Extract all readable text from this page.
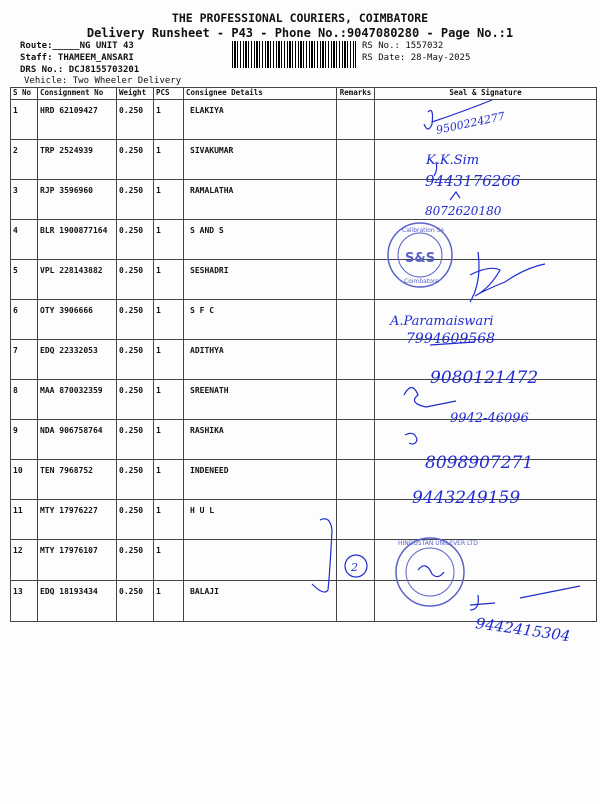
THE PROFESSIONAL COURIERS, COIMBATORE
Delivery Runsheet - P43 - Phone No.:9047080280 - Page No.:1
Route:_____NG UNIT 43
Staff: THAMEEM_ANSARI
DRS No.: DCJ8155703201
Vehicle: Two Wheeler Delivery
RS No.: 1557032
RS Date: 28-May-2025
S No	Consignment No	Weight	PCS	Consignee Details	Remarks	Seal & Signature
1	HRD 62109427	0.250	1	ELAKIYA		
2	TRP 2524939	0.250	1	SIVAKUMAR		
3	RJP 3596960	0.250	1	RAMALATHA		
4	BLR 1900877164	0.250	1	S AND S		
5	VPL 228143882	0.250	1	SESHADRI		
6	OTY 3906666	0.250	1	S F C		
7	EDQ 22332053	0.250	1	ADITHYA		
8	MAA 870032359	0.250	1	SREENATH		
9	NDA 906758764	0.250	1	RASHIKA		
10	TEN 7968752	0.250	1	INDENEED		
11	MTY 17976227	0.250	1	H U L		
12	MTY 17976107	0.250	1			
13	EDQ 18193434	0.250	1	BALAJI		
Calibration Se
S&S
Coimbatore
HINDUSTAN UNILEVER LTD
2
9500224277
K.K.Sim
9443176266
8072620180
A.Paramaiswari
7994609568
9080121472
9942-46096
8098907271
9443249159
9442415304
